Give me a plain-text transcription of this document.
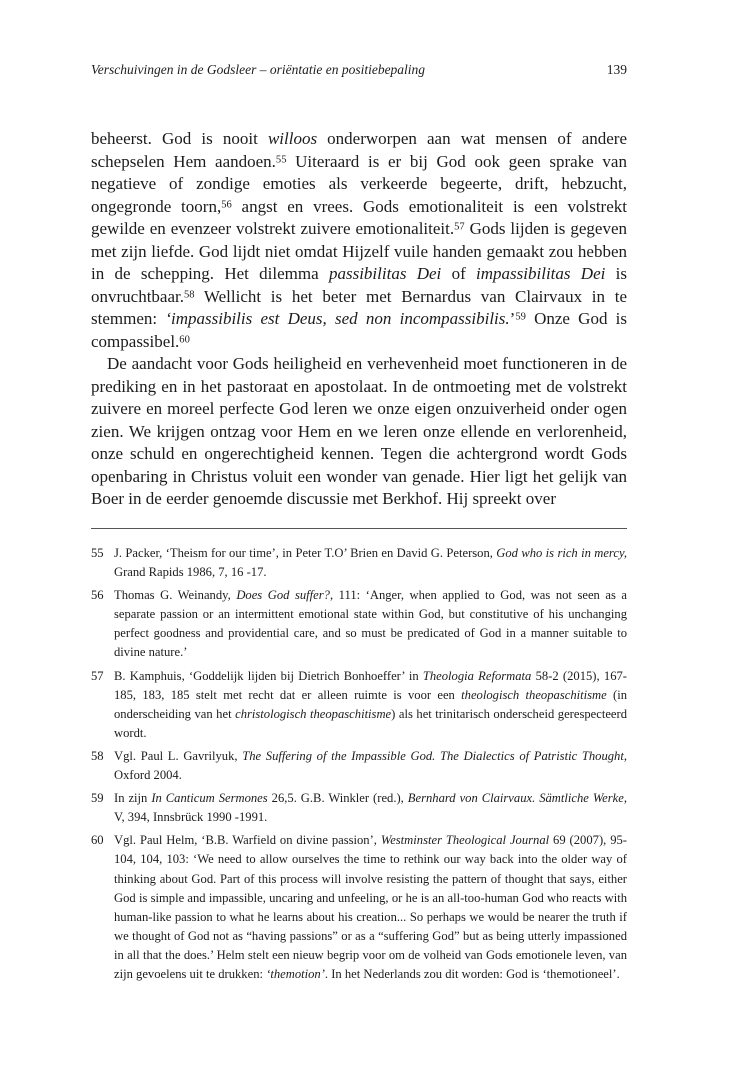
Verschuivingen in de Godsleer – oriëntatie en positiebepaling	139

beheerst. God is nooit willoos onderworpen aan wat mensen of andere schepselen Hem aandoen.$^{55}$ Uiteraard is er bij God ook geen sprake van negatieve of zondige emoties als verkeerde begeerte, drift, hebzucht, ongegronde toorn,$^{56}$ angst en vrees. Gods emotionaliteit is een volstrekt gewilde en evenzeer volstrekt zuivere emotionaliteit.$^{57}$ Gods lijden is gegeven met zijn liefde. God lijdt niet omdat Hijzelf vuile handen gemaakt zou hebben in de schepping. Het dilemma passibilitas Dei of impassibilitas Dei is onvruchtbaar.$^{58}$ Wellicht is het beter met Bernardus van Clairvaux in te stemmen: ‘impassibilis est Deus, sed non incompassibilis.’$^{59}$ Onze God is compassibel.$^{60}$

De aandacht voor Gods heiligheid en verhevenheid moet functioneren in de prediking en in het pastoraat en apostolaat. In de ontmoeting met de volstrekt zuivere en moreel perfecte God leren we onze eigen onzuiverheid onder ogen zien. We krijgen ontzag voor Hem en we leren onze ellende en verlorenheid, onze schuld en ongerechtigheid kennen. Tegen die achtergrond wordt Gods openbaring in Christus voluit een wonder van genade. Hier ligt het gelijk van Boer in de eerder genoemde discussie met Berkhof. Hij spreekt over

55 J. Packer, ‘Theism for our time’, in Peter T.O’ Brien en David G. Peterson, God who is rich in mercy, Grand Rapids 1986, 7, 16 -17.
56 Thomas G. Weinandy, Does God suffer?, 111: ‘Anger, when applied to God, was not seen as a separate passion or an intermittent emotional state within God, but constitutive of his unchanging perfect goodness and providential care, and so must be predicated of God in a manner suitable to divine nature.’
57 B. Kamphuis, ‘Goddelijk lijden bij Dietrich Bonhoeffer’ in Theologia Reformata 58-2 (2015), 167-185, 183, 185 stelt met recht dat er alleen ruimte is voor een theologisch theopaschitisme (in onderscheiding van het christologisch theopaschitisme) als het trinitarisch onderscheid gerespecteerd wordt.
58 Vgl. Paul L. Gavrilyuk, The Suffering of the Impassible God. The Dialectics of Patristic Thought, Oxford 2004.
59 In zijn In Canticum Sermones 26,5. G.B. Winkler (red.), Bernhard von Clairvaux. Sämtliche Werke, V, 394, Innsbrück 1990 -1991.
60 Vgl. Paul Helm, ‘B.B. Warfield on divine passion’, Westminster Theological Journal 69 (2007), 95-104, 104, 103: ‘We need to allow ourselves the time to rethink our way back into the older way of thinking about God. Part of this process will involve resisting the pattern of thought that says, either God is simple and impassible, uncaring and unfeeling, or he is an all-too-human God who reacts with human-like passion to what he learns about his creation... So perhaps we would be nearer the truth if we thought of God not as “having passions” or as a “suffering God” but as being utterly impassioned in all that the does.’ Helm stelt een nieuw begrip voor om de volheid van Gods emotionele leven, van zijn gevoelens uit te drukken: ‘themotion’. In het Nederlands zou dit worden: God is ‘themotioneel’.
